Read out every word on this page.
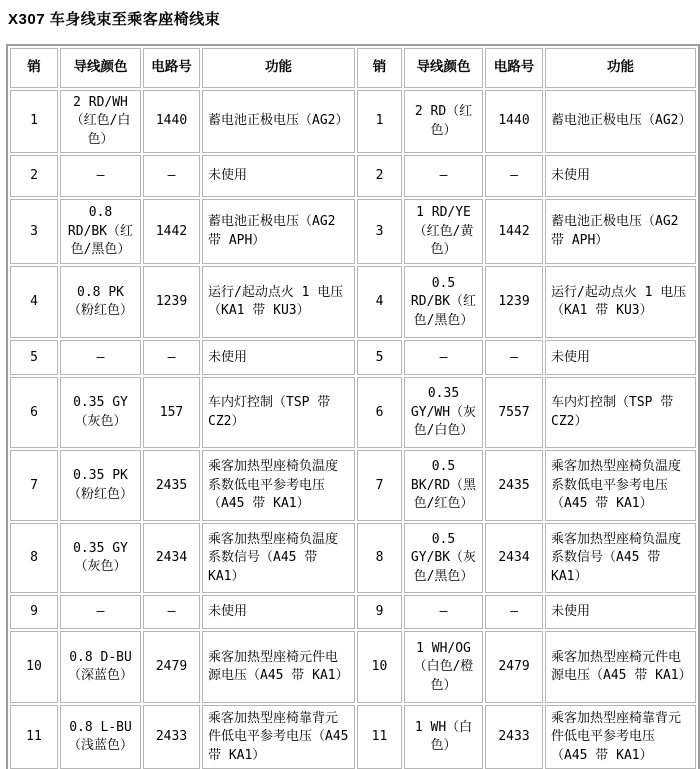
X307 车身线束至乘客座椅线束
销	导线颜色	电路号	功能	销	导线颜色	电路号	功能
1	2 RD/WH（红色/白色）	1440	蓄电池正极电压（AG2）	1	2 RD（红色）	1440	蓄电池正极电压（AG2）
2	—	—	未使用	2	—	—	未使用
3	0.8 RD/BK（红色/黑色）	1442	蓄电池正极电压（AG2 带 APH）	3	1 RD/YE（红色/黄色）	1442	蓄电池正极电压（AG2 带 APH）
4	0.8 PK（粉红色）	1239	运行/起动点火 1 电压（KA1 带 KU3）	4	0.5 RD/BK（红色/黑色）	1239	运行/起动点火 1 电压（KA1 带 KU3）
5	—	—	未使用	5	—	—	未使用
6	0.35 GY（灰色）	157	车内灯控制（TSP 带 CZ2）	6	0.35 GY/WH（灰色/白色）	7557	车内灯控制（TSP 带 CZ2）
7	0.35 PK（粉红色）	2435	乘客加热型座椅负温度系数低电平参考电压（A45 带 KA1）	7	0.5 BK/RD（黑色/红色）	2435	乘客加热型座椅负温度系数低电平参考电压（A45 带 KA1）
8	0.35 GY（灰色）	2434	乘客加热型座椅负温度系数信号（A45 带 KA1）	8	0.5 GY/BK（灰色/黑色）	2434	乘客加热型座椅负温度系数信号（A45 带 KA1）
9	—	—	未使用	9	—	—	未使用
10	0.8 D-BU（深蓝色）	2479	乘客加热型座椅元件电源电压（A45 带 KA1）	10	1 WH/OG（白色/橙色）	2479	乘客加热型座椅元件电源电压（A45 带 KA1）
11	0.8 L-BU（浅蓝色）	2433	乘客加热型座椅靠背元件低电平参考电压（A45 带 KA1）	11	1 WH（白色）	2433	乘客加热型座椅靠背元件低电平参考电压（A45 带 KA1）
